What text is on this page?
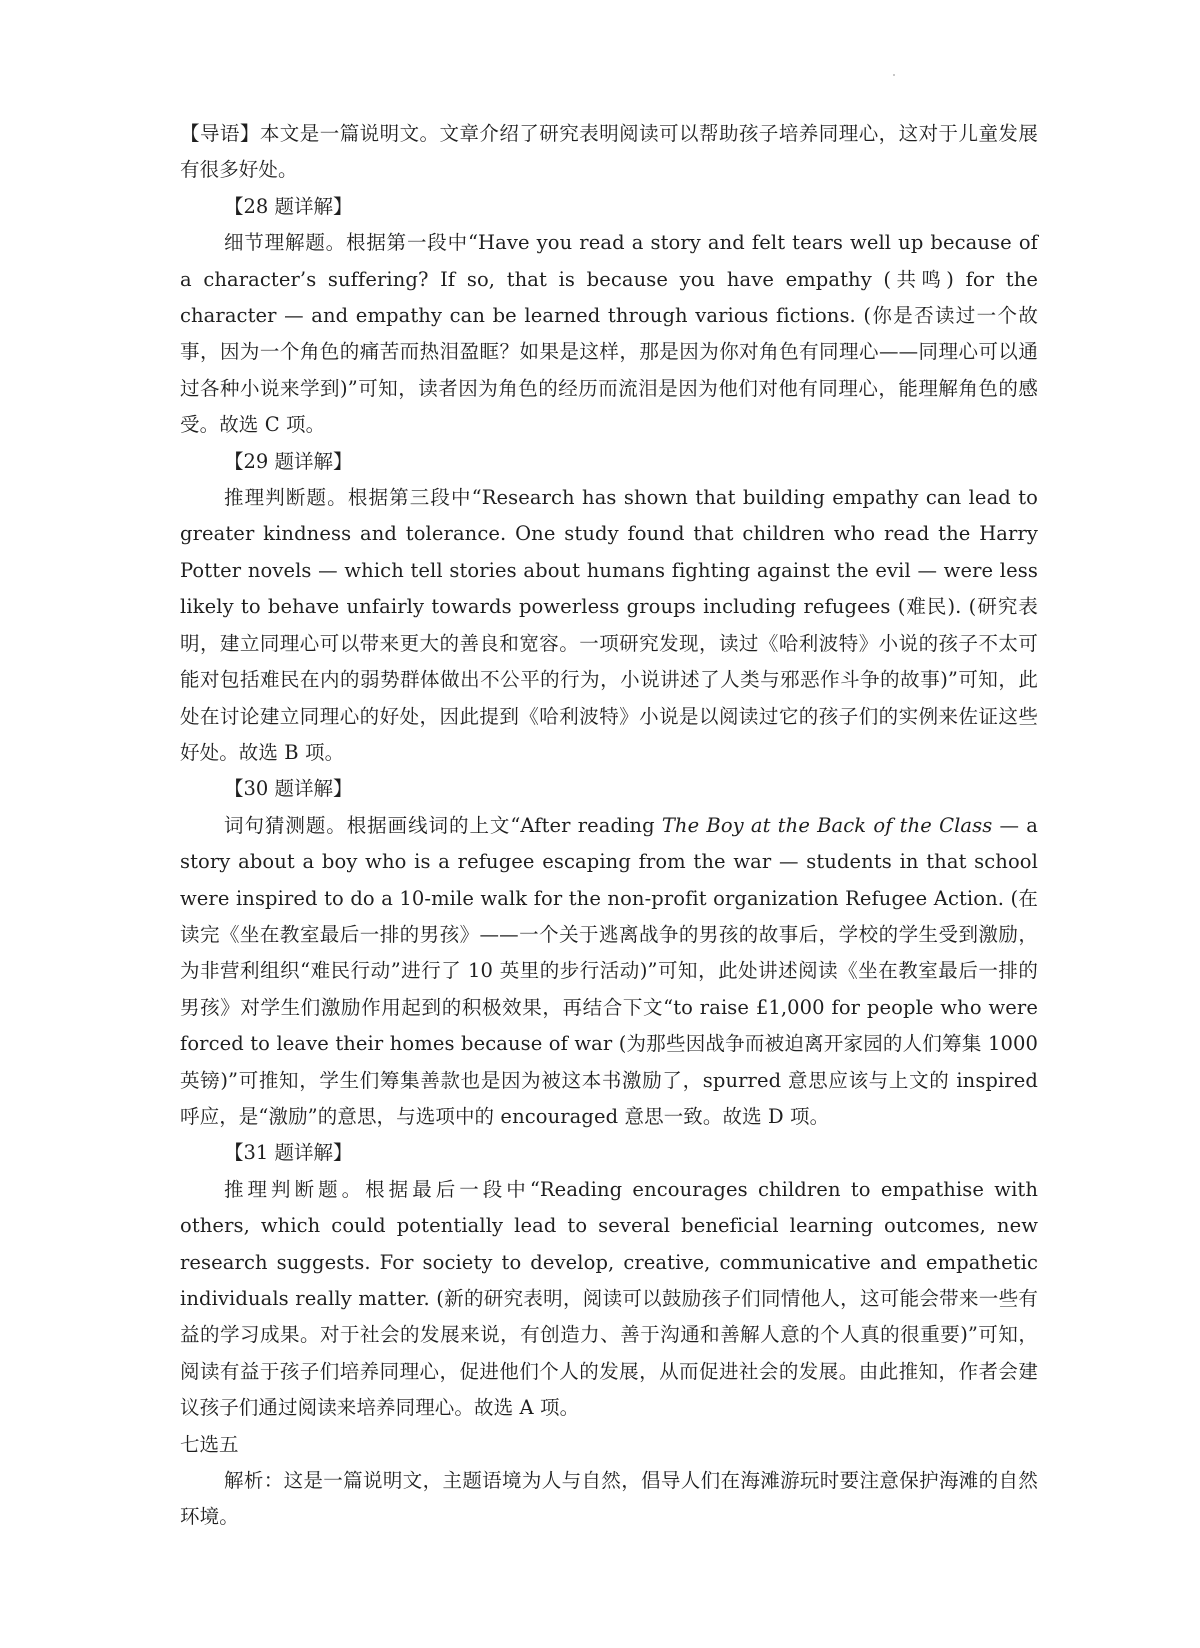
【导语】本文是一篇说明文。文章介绍了研究表明阅读可以帮助孩子培养同理心，这对于儿童发展有很多好处。

【28 题详解】

细节理解题。根据第一段中“Have you read a story and felt tears well up because of a character’s suffering? If so, that is because you have empathy (共鸣) for the character — and empathy can be learned through various fictions. (你是否读过一个故事，因为一个角色的痛苦而热泪盈眶？如果是这样，那是因为你对角色有同理心——同理心可以通过各种小说来学到)”可知，读者因为角色的经历而流泪是因为他们对他有同理心，能理解角色的感受。故选 C 项。

【29 题详解】

推理判断题。根据第三段中“Research has shown that building empathy can lead to greater kindness and tolerance. One study found that children who read the Harry Potter novels — which tell stories about humans fighting against the evil — were less likely to behave unfairly towards powerless groups including refugees (难民). (研究表明，建立同理心可以带来更大的善良和宽容。一项研究发现，读过《哈利波特》小说的孩子不太可能对包括难民在内的弱势群体做出不公平的行为，小说讲述了人类与邪恶作斗争的故事)”可知，此处在讨论建立同理心的好处，因此提到《哈利波特》小说是以阅读过它的孩子们的实例来佐证这些好处。故选 B 项。

【30 题详解】

词句猜测题。根据画线词的上文“After reading The Boy at the Back of the Class — a story about a boy who is a refugee escaping from the war — students in that school were inspired to do a 10-mile walk for the non-profit organization Refugee Action. (在读完《坐在教室最后一排的男孩》——一个关于逃离战争的男孩的故事后，学校的学生受到激励，为非营利组织“难民行动”进行了 10 英里的步行活动)”可知，此处讲述阅读《坐在教室最后一排的男孩》对学生们激励作用起到的积极效果，再结合下文“to raise £1,000 for people who were forced to leave their homes because of war (为那些因战争而被迫离开家园的人们筹集 1000 英镑)”可推知，学生们筹集善款也是因为被这本书激励了，spurred 意思应该与上文的 inspired 呼应，是“激励”的意思，与选项中的 encouraged 意思一致。故选 D 项。

【31 题详解】

推理判断题。根据最后一段中“Reading encourages children to empathise with others, which could potentially lead to several beneficial learning outcomes, new research suggests. For society to develop, creative, communicative and empathetic individuals really matter. (新的研究表明，阅读可以鼓励孩子们同情他人，这可能会带来一些有益的学习成果。对于社会的发展来说，有创造力、善于沟通和善解人意的个人真的很重要)”可知，阅读有益于孩子们培养同理心，促进他们个人的发展，从而促进社会的发展。由此推知，作者会建议孩子们通过阅读来培养同理心。故选 A 项。

七选五

解析：这是一篇说明文，主题语境为人与自然，倡导人们在海滩游玩时要注意保护海滩的自然环境。
